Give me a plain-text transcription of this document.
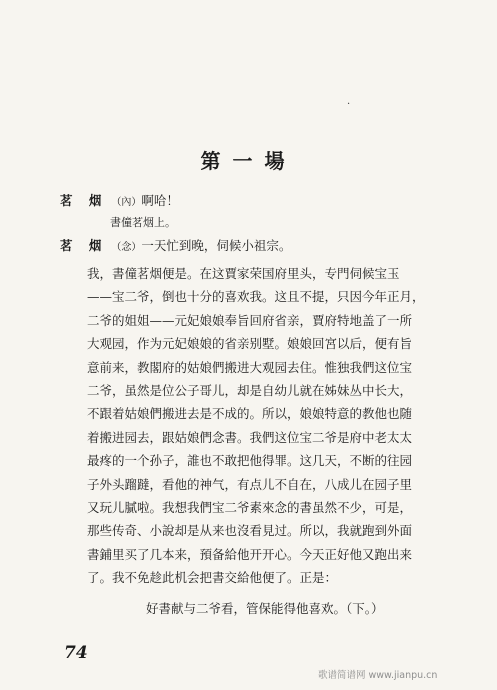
·
第一場
茗 烟 （內）啊哈！
書僮茗烟上。
茗 烟 （念）一天忙到晚，伺候小祖宗。
我，書僮茗烟便是。在这賈家荣国府里头，专門伺候宝玉
——宝二爷，倒也十分的喜欢我。这且不提，只因今年正月，
二爷的姐姐——元妃娘娘奉旨回府省亲，賈府特地盖了一所
大观园，作为元妃娘娘的省亲别墅。娘娘回宮以后，便有旨
意前来，教閣府的姑娘們搬进大观园去住。惟独我們这位宝
二爷，虽然是位公子哥儿，却是自幼儿就在姊妹丛中长大，
不跟着姑娘們搬进去是不成的。所以，娘娘特意的教他也随
着搬进园去，跟姑娘們念書。我們这位宝二爷是府中老太太
最疼的一个孙子，誰也不敢把他得罪。这几天，不断的往园
子外头蹓躂，看他的神气，有点儿不自在，八成儿在园子里
又玩儿膩啦。我想我們宝二爷素來念的書虽然不少，可是，
那些传奇、小說却是从来也沒看見过。所以，我就跑到外面
書鋪里买了几本来，預备給他开开心。今天正好他又跑出来
了。我不免趁此机会把書交給他便了。正是：
好書献与二爷看，管保能得他喜欢。（下。）
74
歌谱简谱网 www.jianpu.cn
